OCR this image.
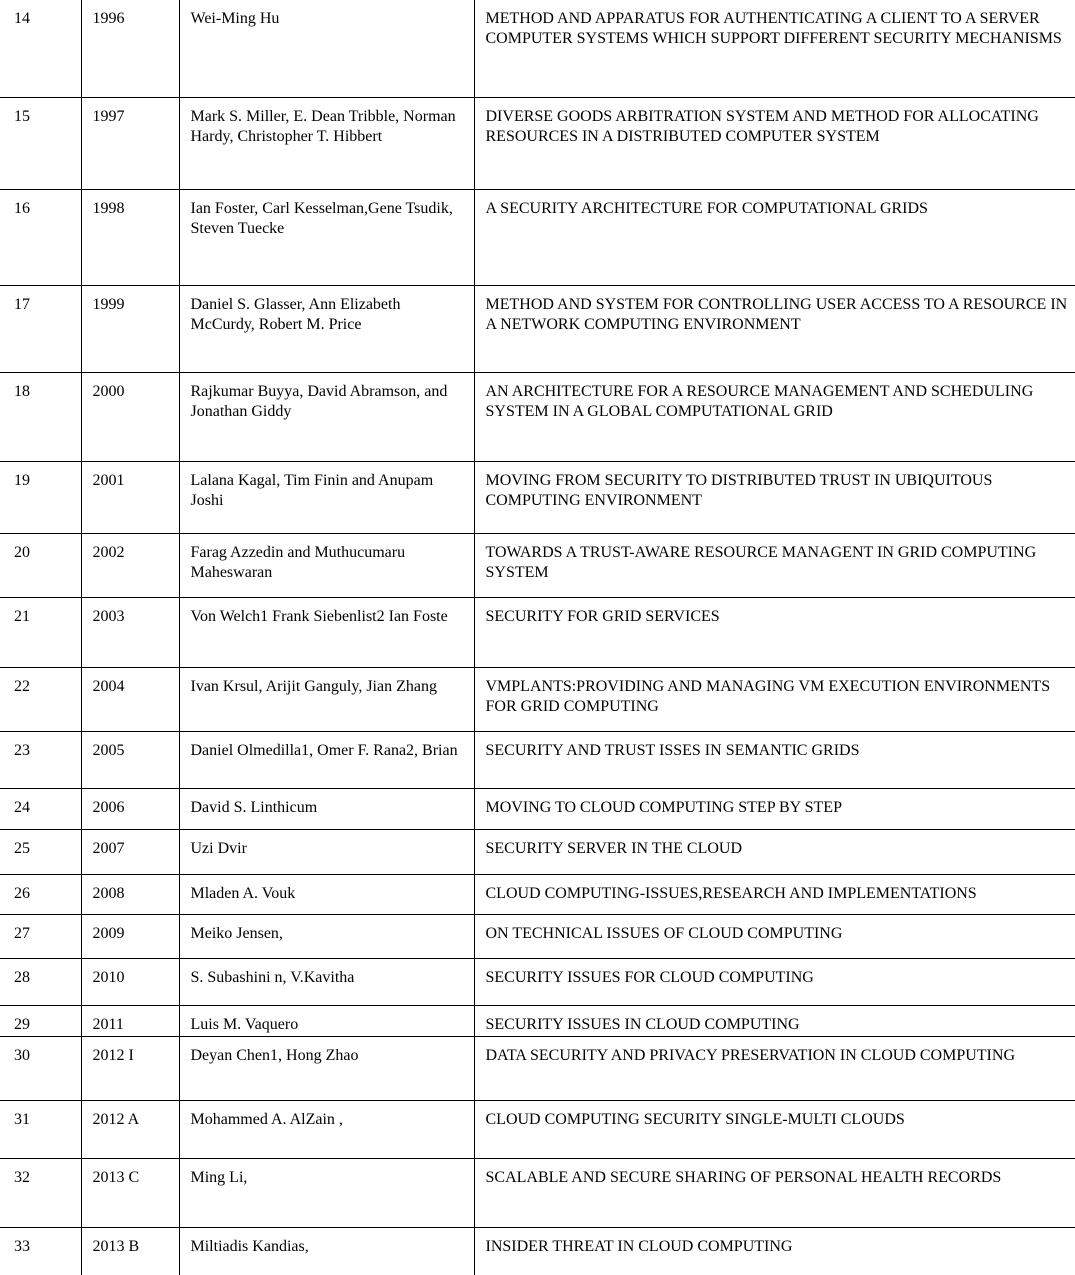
14	1996	Wei-Ming Hu	METHOD AND APPARATUS FOR AUTHENTICATING A CLIENT TO A SERVER COMPUTER SYSTEMS WHICH SUPPORT DIFFERENT SECURITY MECHANISMS
15	1997	Mark S. Miller, E. Dean Tribble, Norman Hardy, Christopher T. Hibbert	DIVERSE GOODS ARBITRATION SYSTEM AND METHOD FOR ALLOCATING RESOURCES IN A DISTRIBUTED COMPUTER SYSTEM
16	1998	Ian Foster, Carl Kesselman,Gene Tsudik, Steven Tuecke	A SECURITY ARCHITECTURE FOR COMPUTATIONAL GRIDS
17	1999	Daniel S. Glasser, Ann Elizabeth McCurdy, Robert M. Price	METHOD AND SYSTEM FOR CONTROLLING USER ACCESS TO A RESOURCE IN A NETWORK COMPUTING ENVIRONMENT
18	2000	Rajkumar Buyya, David Abramson, and Jonathan Giddy	AN ARCHITECTURE FOR A RESOURCE MANAGEMENT AND SCHEDULING SYSTEM IN A GLOBAL COMPUTATIONAL GRID
19	2001	Lalana Kagal, Tim Finin and Anupam Joshi	MOVING FROM SECURITY TO DISTRIBUTED TRUST IN UBIQUITOUS COMPUTING ENVIRONMENT
20	2002	Farag Azzedin and Muthucumaru Maheswaran	TOWARDS A TRUST-AWARE RESOURCE MANAGENT IN GRID COMPUTING SYSTEM
21	2003	Von Welch1 Frank Siebenlist2 Ian Foste	SECURITY FOR GRID SERVICES
22	2004	Ivan Krsul, Arijit Ganguly, Jian Zhang	VMPLANTS:PROVIDING AND MANAGING VM EXECUTION ENVIRONMENTS FOR GRID COMPUTING
23	2005	Daniel Olmedilla1, Omer F. Rana2, Brian	SECURITY AND TRUST ISSES IN SEMANTIC GRIDS
24	2006	David S. Linthicum	MOVING TO CLOUD COMPUTING STEP BY STEP
25	2007	Uzi Dvir	SECURITY SERVER IN THE CLOUD
26	2008	Mladen A. Vouk	CLOUD COMPUTING-ISSUES,RESEARCH AND IMPLEMENTATIONS
27	2009	Meiko Jensen,	ON TECHNICAL ISSUES OF CLOUD COMPUTING
28	2010	S. Subashini n, V.Kavitha	SECURITY ISSUES FOR CLOUD COMPUTING
29	2011	Luis M. Vaquero	SECURITY ISSUES IN CLOUD COMPUTING
30	2012 I	Deyan Chen1, Hong Zhao	DATA SECURITY AND PRIVACY PRESERVATION IN CLOUD COMPUTING
31	2012 A	Mohammed A. AlZain ,	CLOUD COMPUTING SECURITY SINGLE-MULTI CLOUDS
32	2013 C	Ming Li,	SCALABLE AND SECURE SHARING OF PERSONAL HEALTH RECORDS
33	2013 B	Miltiadis Kandias,	INSIDER THREAT IN CLOUD COMPUTING
